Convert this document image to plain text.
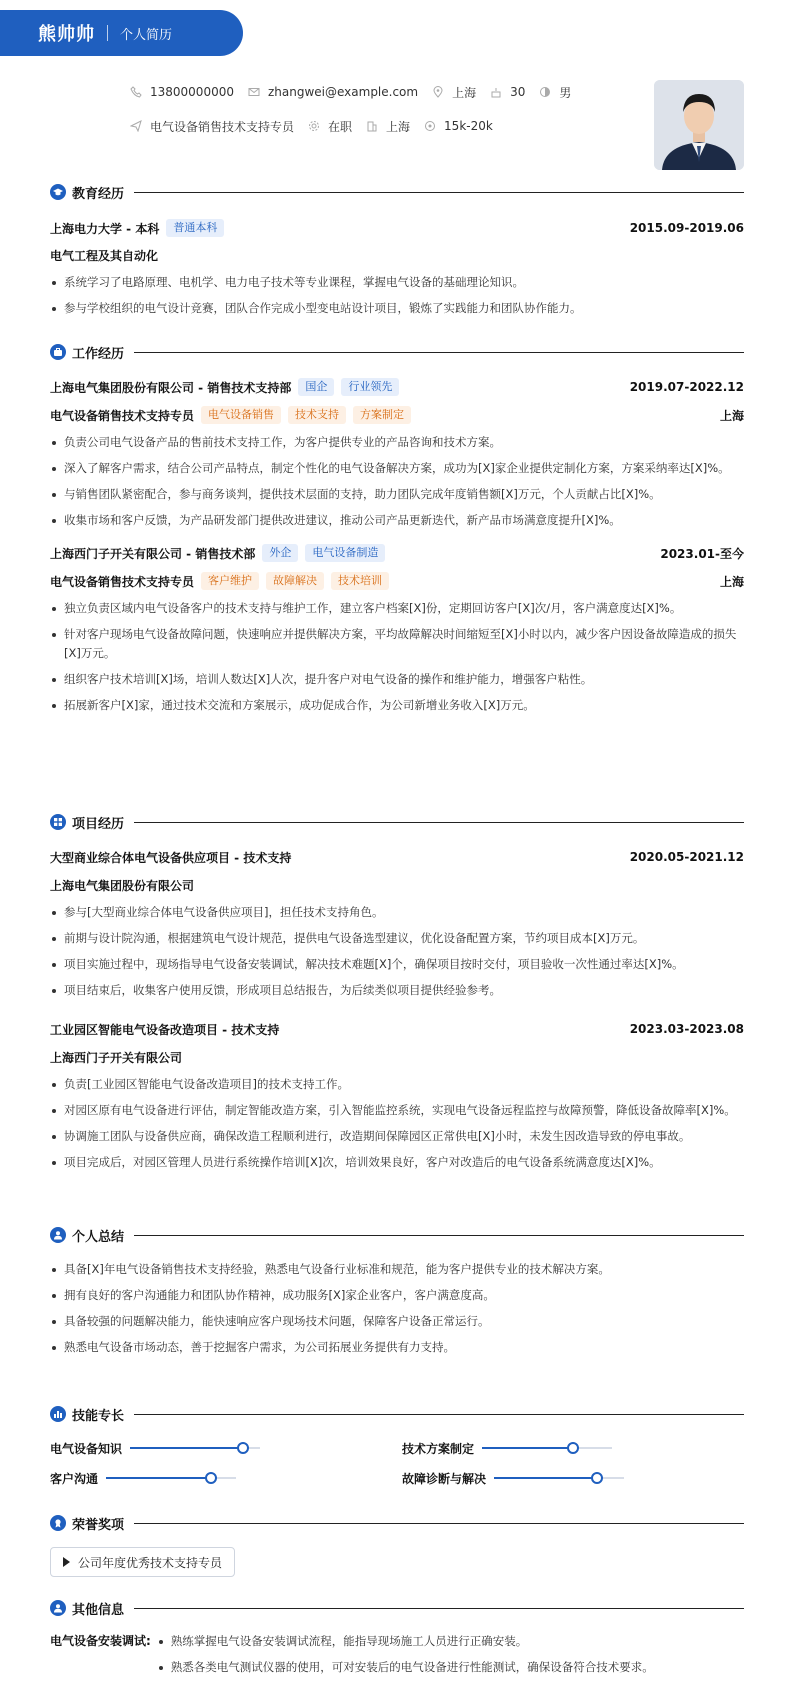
熊帅帅 个人简历
13800000000	zhangwei@example.com	上海	30	男
电气设备销售技术支持专员	在职	上海	15k-20k
教育经历
上海电力大学 - 本科	普通本科	2015.09-2019.06
电气工程及其自动化
系统学习了电路原理、电机学、电力电子技术等专业课程，掌握电气设备的基础理论知识。
参与学校组织的电气设计竞赛，团队合作完成小型变电站设计项目，锻炼了实践能力和团队协作能力。
工作经历
上海电气集团股份有限公司 - 销售技术支持部	国企	行业领先	2019.07-2022.12
电气设备销售技术支持专员	电气设备销售	技术支持	方案制定	上海
负责公司电气设备产品的售前技术支持工作，为客户提供专业的产品咨询和技术方案。
深入了解客户需求，结合公司产品特点，制定个性化的电气设备解决方案，成功为[X]家企业提供定制化方案，方案采纳率达[X]%。
与销售团队紧密配合，参与商务谈判，提供技术层面的支持，助力团队完成年度销售额[X]万元，个人贡献占比[X]%。
收集市场和客户反馈，为产品研发部门提供改进建议，推动公司产品更新迭代，新产品市场满意度提升[X]%。
上海西门子开关有限公司 - 销售技术部	外企	电气设备制造	2023.01-至今
电气设备销售技术支持专员	客户维护	故障解决	技术培训	上海
独立负责区域内电气设备客户的技术支持与维护工作，建立客户档案[X]份，定期回访客户[X]次/月，客户满意度达[X]%。
针对客户现场电气设备故障问题，快速响应并提供解决方案，平均故障解决时间缩短至[X]小时以内，减少客户因设备故障造成的损失[X]万元。
组织客户技术培训[X]场，培训人数达[X]人次，提升客户对电气设备的操作和维护能力，增强客户粘性。
拓展新客户[X]家，通过技术交流和方案展示，成功促成合作，为公司新增业务收入[X]万元。
项目经历
大型商业综合体电气设备供应项目 - 技术支持	2020.05-2021.12
上海电气集团股份有限公司
参与[大型商业综合体电气设备供应项目]，担任技术支持角色。
前期与设计院沟通，根据建筑电气设计规范，提供电气设备选型建议，优化设备配置方案，节约项目成本[X]万元。
项目实施过程中，现场指导电气设备安装调试，解决技术难题[X]个，确保项目按时交付，项目验收一次性通过率达[X]%。
项目结束后，收集客户使用反馈，形成项目总结报告，为后续类似项目提供经验参考。
工业园区智能电气设备改造项目 - 技术支持	2023.03-2023.08
上海西门子开关有限公司
负责[工业园区智能电气设备改造项目]的技术支持工作。
对园区原有电气设备进行评估，制定智能改造方案，引入智能监控系统，实现电气设备远程监控与故障预警，降低设备故障率[X]%。
协调施工团队与设备供应商，确保改造工程顺利进行，改造期间保障园区正常供电[X]小时，未发生因改造导致的停电事故。
项目完成后，对园区管理人员进行系统操作培训[X]次，培训效果良好，客户对改造后的电气设备系统满意度达[X]%。
个人总结
具备[X]年电气设备销售技术支持经验，熟悉电气设备行业标准和规范，能为客户提供专业的技术解决方案。
拥有良好的客户沟通能力和团队协作精神，成功服务[X]家企业客户，客户满意度高。
具备较强的问题解决能力，能快速响应客户现场技术问题，保障客户设备正常运行。
熟悉电气设备市场动态，善于挖掘客户需求，为公司拓展业务提供有力支持。
技能专长
电气设备知识	技术方案制定
客户沟通	故障诊断与解决
荣誉奖项
公司年度优秀技术支持专员
其他信息
电气设备安装调试:	熟练掌握电气设备安装调试流程，能指导现场施工人员进行正确安装。
熟悉各类电气测试仪器的使用，可对安装后的电气设备进行性能测试，确保设备符合技术要求。
